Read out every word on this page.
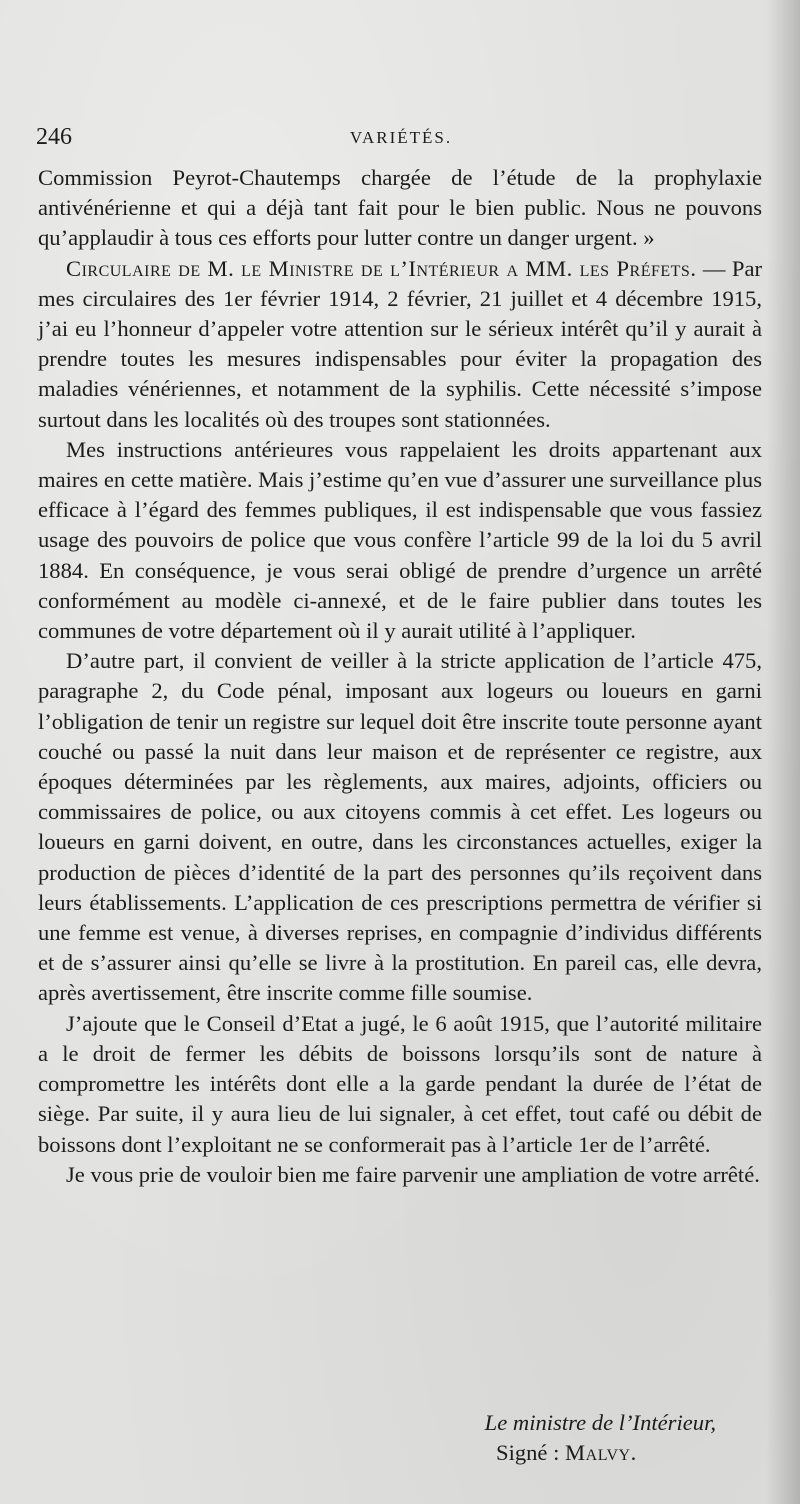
246	VARIÉTÉS.

Commission Peyrot-Chautemps chargée de l’étude de la prophylaxie antivénérienne et qui a déjà tant fait pour le bien public. Nous ne pouvons qu’applaudir à tous ces efforts pour lutter contre un danger urgent. »

Circulaire de M. le Ministre de l’Intérieur a MM. les Préfets. — Par mes circulaires des 1er février 1914, 2 février, 21 juillet et 4 décembre 1915, j’ai eu l’honneur d’appeler votre attention sur le sérieux intérêt qu’il y aurait à prendre toutes les mesures indispensables pour éviter la propagation des maladies vénériennes, et notamment de la syphilis. Cette nécessité s’impose surtout dans les localités où des troupes sont stationnées.

Mes instructions antérieures vous rappelaient les droits appartenant aux maires en cette matière. Mais j’estime qu’en vue d’assurer une surveillance plus efficace à l’égard des femmes publiques, il est indispensable que vous fassiez usage des pouvoirs de police que vous confère l’article 99 de la loi du 5 avril 1884. En conséquence, je vous serai obligé de prendre d’urgence un arrêté conformément au modèle ci-annexé, et de le faire publier dans toutes les communes de votre département où il y aurait utilité à l’appliquer.

D’autre part, il convient de veiller à la stricte application de l’article 475, paragraphe 2, du Code pénal, imposant aux logeurs ou loueurs en garni l’obligation de tenir un registre sur lequel doit être inscrite toute personne ayant couché ou passé la nuit dans leur maison et de représenter ce registre, aux époques déterminées par les règlements, aux maires, adjoints, officiers ou commissaires de police, ou aux citoyens commis à cet effet. Les logeurs ou loueurs en garni doivent, en outre, dans les circonstances actuelles, exiger la production de pièces d’identité de la part des personnes qu’ils reçoivent dans leurs établissements. L’application de ces prescriptions permettra de vérifier si une femme est venue, à diverses reprises, en compagnie d’individus différents et de s’assurer ainsi qu’elle se livre à la prostitution. En pareil cas, elle devra, après avertissement, être inscrite comme fille soumise.

J’ajoute que le Conseil d’Etat a jugé, le 6 août 1915, que l’autorité militaire a le droit de fermer les débits de boissons lorsqu’ils sont de nature à compromettre les intérêts dont elle a la garde pendant la durée de l’état de siège. Par suite, il y aura lieu de lui signaler, à cet effet, tout café ou débit de boissons dont l’exploitant ne se conformerait pas à l’article 1er de l’arrêté.

Je vous prie de vouloir bien me faire parvenir une ampliation de votre arrêté.

Le ministre de l’Intérieur,
Signé : Malvy.
